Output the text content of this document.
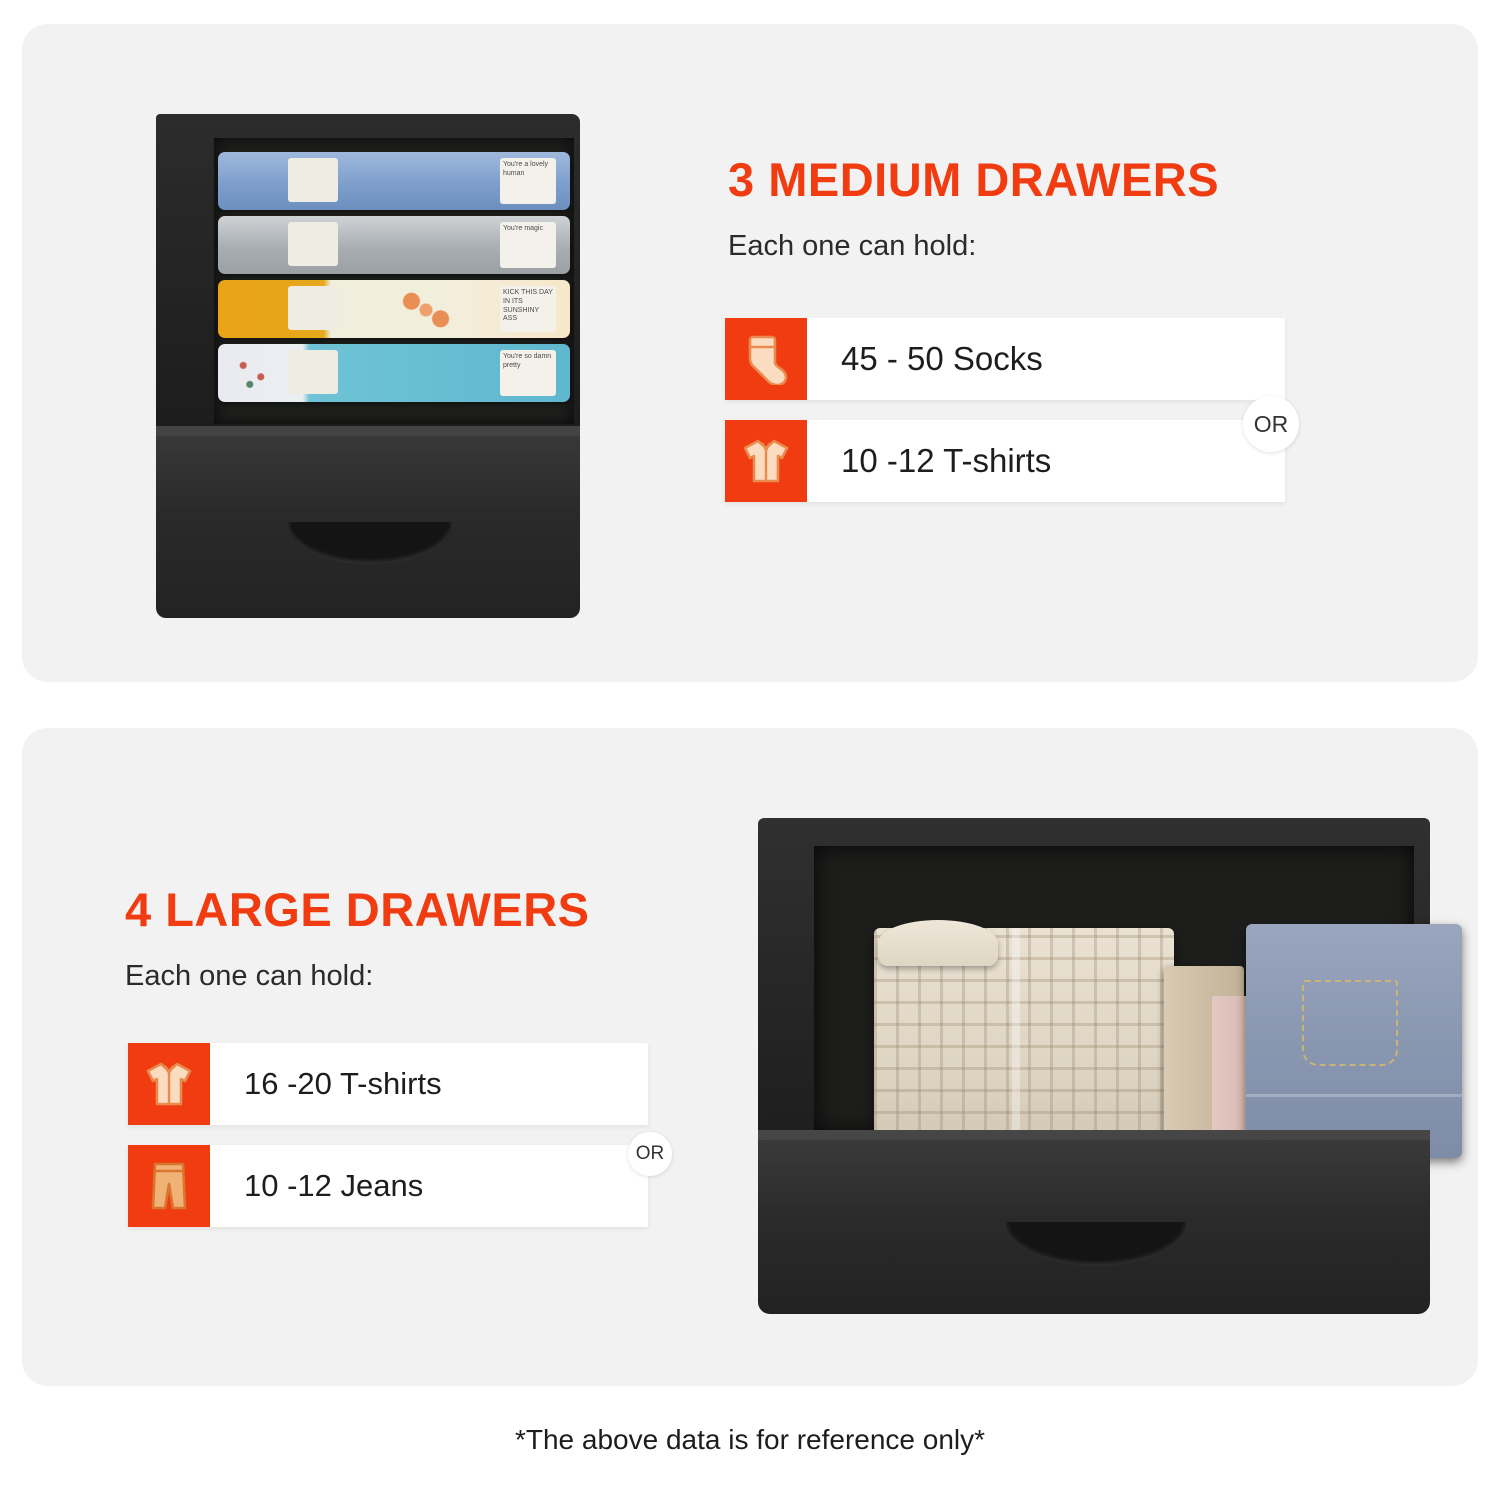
You're a lovely human
You're magic
KICK THIS DAY IN ITS SUNSHINY ASS
You're so damn pretty
3 MEDIUM DRAWERS
Each one can hold:
45 - 50 Socks
10 -12 T-shirts
OR
4 LARGE DRAWERS
Each one can hold:
16 -20 T-shirts
10 -12 Jeans
OR
*The above data is for reference only*
